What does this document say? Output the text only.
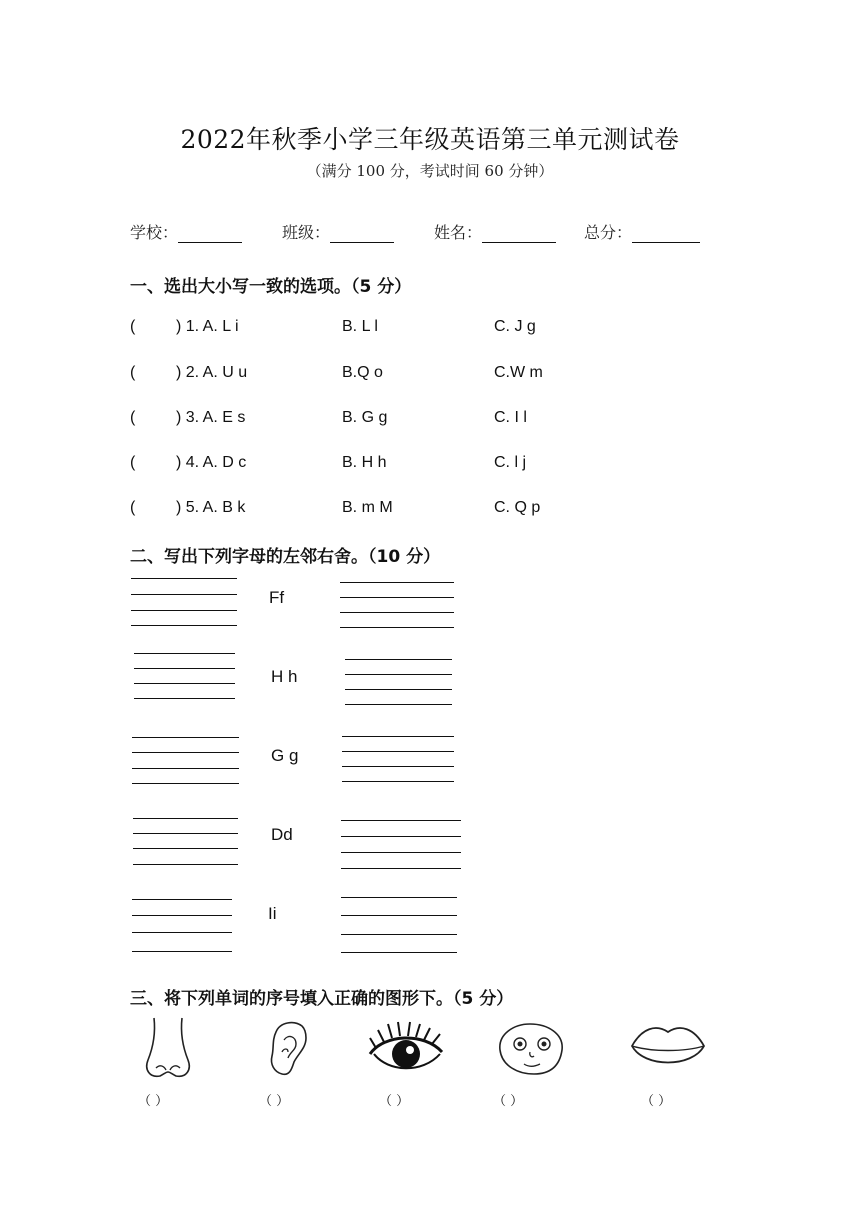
2022年秋季小学三年级英语第三单元测试卷
（满分 100 分，考试时间 60 分钟）
学校：	班级：	姓名：	总分：
一、选出大小写一致的选项。（5 分）
(	) 1. A. L i	B. L l	C. J g
(	) 2. A. U u	B.Q o	C.W m
(	) 3. A. E s	B. G g	C. I l
(	) 4. A. D c	B. H h	C. l j
(	) 5. A. B k	B. m M	C. Q p
二、写出下列字母的左邻右舍。（10 分）
Ff
H h
G g
Dd
Ii
三、将下列单词的序号填入正确的图形下。（5 分）
（ ）	（ ）	（ ）	（ ）	（ ）
